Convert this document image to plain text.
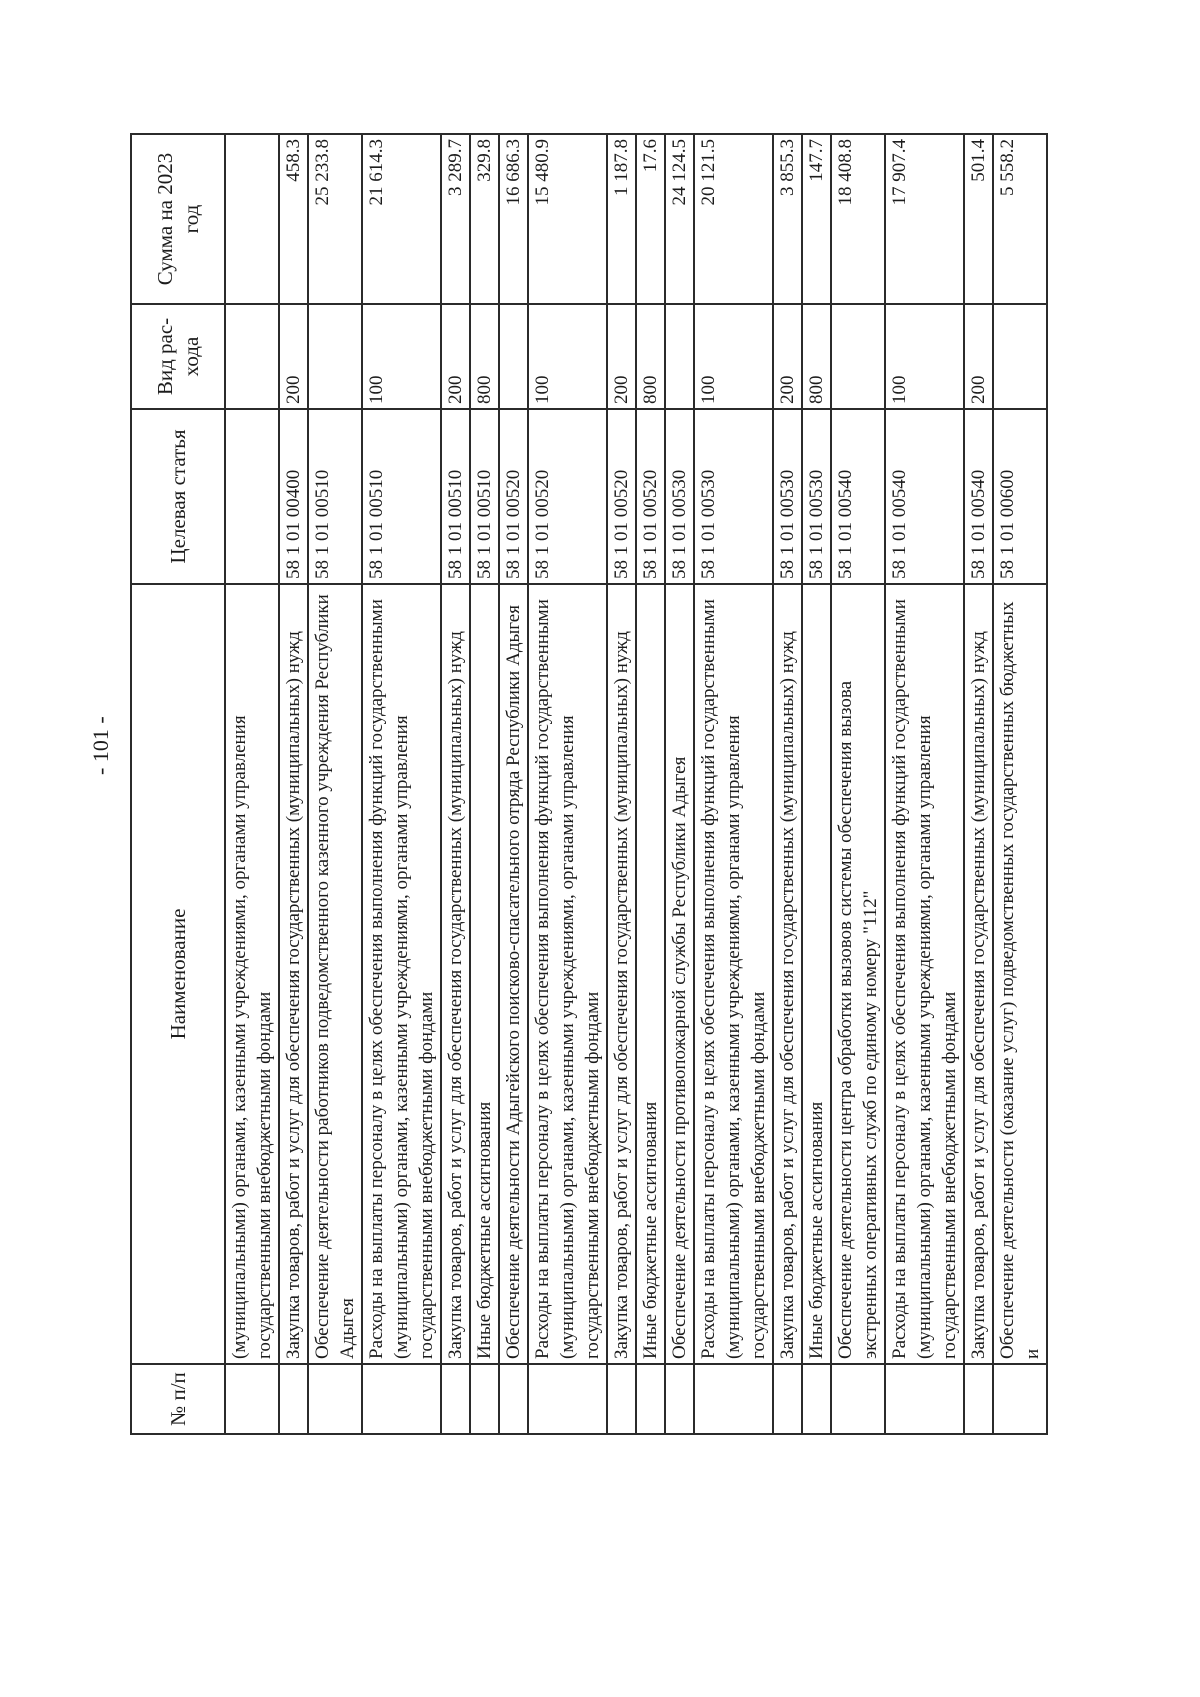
- 101 -
№ п/п	Наименование	Целевая статья	Вид рас-хода	Сумма на 2023 год
	(муниципальными) органами, казенными учреждениями, органами управления государственными внебюджетными фондами			
	Закупка товаров, работ и услуг для обеспечения государственных (муниципальных) нужд	58 1 01 00400	200	458.3
	Обеспечение деятельности работников подведомственного казенного учреждения Республики Адыгея	58 1 01 00510		25 233.8
	Расходы на выплаты персоналу в целях обеспечения выполнения функций государственными (муниципальными) органами, казенными учреждениями, органами управления государственными внебюджетными фондами	58 1 01 00510	100	21 614.3
	Закупка товаров, работ и услуг для обеспечения государственных (муниципальных) нужд	58 1 01 00510	200	3 289.7
	Иные бюджетные ассигнования	58 1 01 00510	800	329.8
	Обеспечение деятельности Адыгейского поисково-спасательного отряда Республики Адыгея	58 1 01 00520		16 686.3
	Расходы на выплаты персоналу в целях обеспечения выполнения функций государственными (муниципальными) органами, казенными учреждениями, органами управления государственными внебюджетными фондами	58 1 01 00520	100	15 480.9
	Закупка товаров, работ и услуг для обеспечения государственных (муниципальных) нужд	58 1 01 00520	200	1 187.8
	Иные бюджетные ассигнования	58 1 01 00520	800	17.6
	Обеспечение деятельности противопожарной службы Республики Адыгея	58 1 01 00530		24 124.5
	Расходы на выплаты персоналу в целях обеспечения выполнения функций государственными (муниципальными) органами, казенными учреждениями, органами управления государственными внебюджетными фондами	58 1 01 00530	100	20 121.5
	Закупка товаров, работ и услуг для обеспечения государственных (муниципальных) нужд	58 1 01 00530	200	3 855.3
	Иные бюджетные ассигнования	58 1 01 00530	800	147.7
	Обеспечение деятельности центра обработки вызовов системы обеспечения вызова экстренных оперативных служб по единому номеру "112"	58 1 01 00540		18 408.8
	Расходы на выплаты персоналу в целях обеспечения выполнения функций государственными (муниципальными) органами, казенными учреждениями, органами управления государственными внебюджетными фондами	58 1 01 00540	100	17 907.4
	Закупка товаров, работ и услуг для обеспечения государственных (муниципальных) нужд	58 1 01 00540	200	501.4
	Обеспечение деятельности (оказание услуг) подведомственных государственных бюджетных и	58 1 01 00600		5 558.2
